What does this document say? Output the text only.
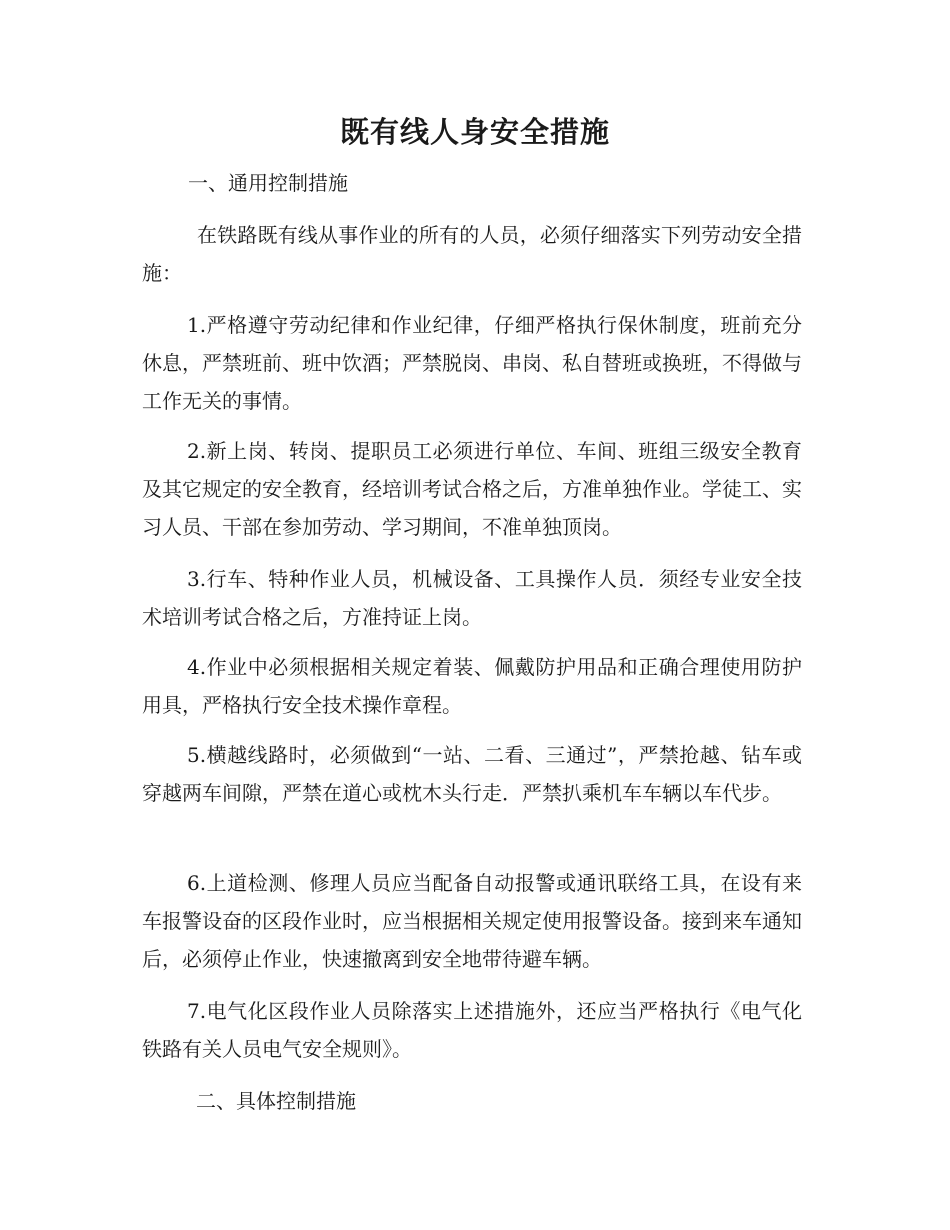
既有线人身安全措施

一、通用控制措施

在铁路既有线从事作业的所有的人员，必须仔细落实下列劳动安全措施：

1.严格遵守劳动纪律和作业纪律，仔细严格执行保休制度，班前充分休息，严禁班前、班中饮酒；严禁脱岗、串岗、私自替班或换班，不得做与工作无关的事情。

2.新上岗、转岗、提职员工必须进行单位、车间、班组三级安全教育及其它规定的安全教育，经培训考试合格之后，方准单独作业。学徒工、实习人员、干部在参加劳动、学习期间，不准单独顶岗。

3.行车、特种作业人员，机械设备、工具操作人员．须经专业安全技术培训考试合格之后，方准持证上岗。

4.作业中必须根据相关规定着装、佩戴防护用品和正确合理使用防护用具，严格执行安全技术操作章程。

5.横越线路时，必须做到“一站、二看、三通过”，严禁抢越、钻车或穿越两车间隙，严禁在道心或枕木头行走．严禁扒乘机车车辆以车代步。

6.上道检测、修理人员应当配备自动报警或通讯联络工具，在设有来车报警设奋的区段作业时，应当根据相关规定使用报警设备。接到来车通知后，必须停止作业，快速撤离到安全地带待避车辆。

7.电气化区段作业人员除落实上述措施外，还应当严格执行《电气化铁路有关人员电气安全规则》。

二、具体控制措施
